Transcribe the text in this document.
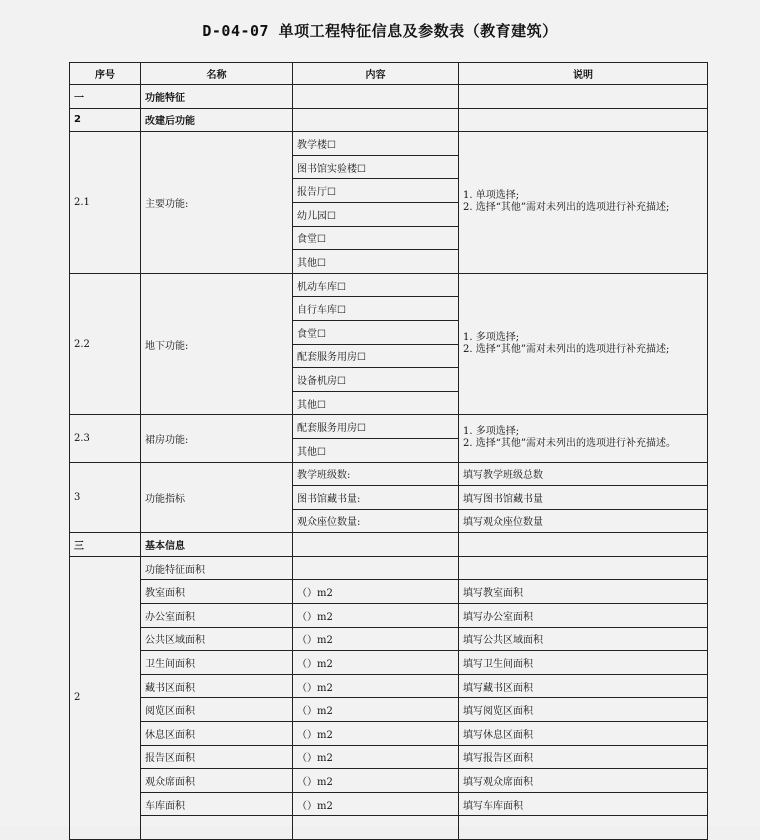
D-04-07 单项工程特征信息及参数表（教育建筑）
序号	名称	内容	说明
一	功能特征		
2	改建后功能		
2.1	主要功能:	教学楼☐	1. 单项选择;
2. 选择“其他”需对未列出的选项进行补充描述;

		图书馆实验楼☐	
		报告厅☐	
		幼儿园☐	
		食堂☐	
		其他☐	
2.2	地下功能:	机动车库☐	1. 多项选择;
2. 选择“其他”需对未列出的选项进行补充描述;

		自行车库☐	
		食堂☐	
		配套服务用房☐	
		设备机房☐	
		其他☐	
2.3	裙房功能:	配套服务用房☐	1. 多项选择;
2. 选择“其他”需对未列出的选项进行补充描述。

		其他☐	
3	功能指标	教学班级数:	填写教学班级总数
		图书馆藏书量:	填写图书馆藏书量
		观众座位数量:	填写观众座位数量
三	基本信息		
2	功能特征面积		
	教室面积	（）m2	填写教室面积
	办公室面积	（）m2	填写办公室面积
	公共区域面积	（）m2	填写公共区域面积
	卫生间面积	（）m2	填写卫生间面积
	藏书区面积	（）m2	填写藏书区面积
	阅览区面积	（）m2	填写阅览区面积
	休息区面积	（）m2	填写休息区面积
	报告区面积	（）m2	填写报告区面积
	观众席面积	（）m2	填写观众席面积
	车库面积	（）m2	填写车库面积
